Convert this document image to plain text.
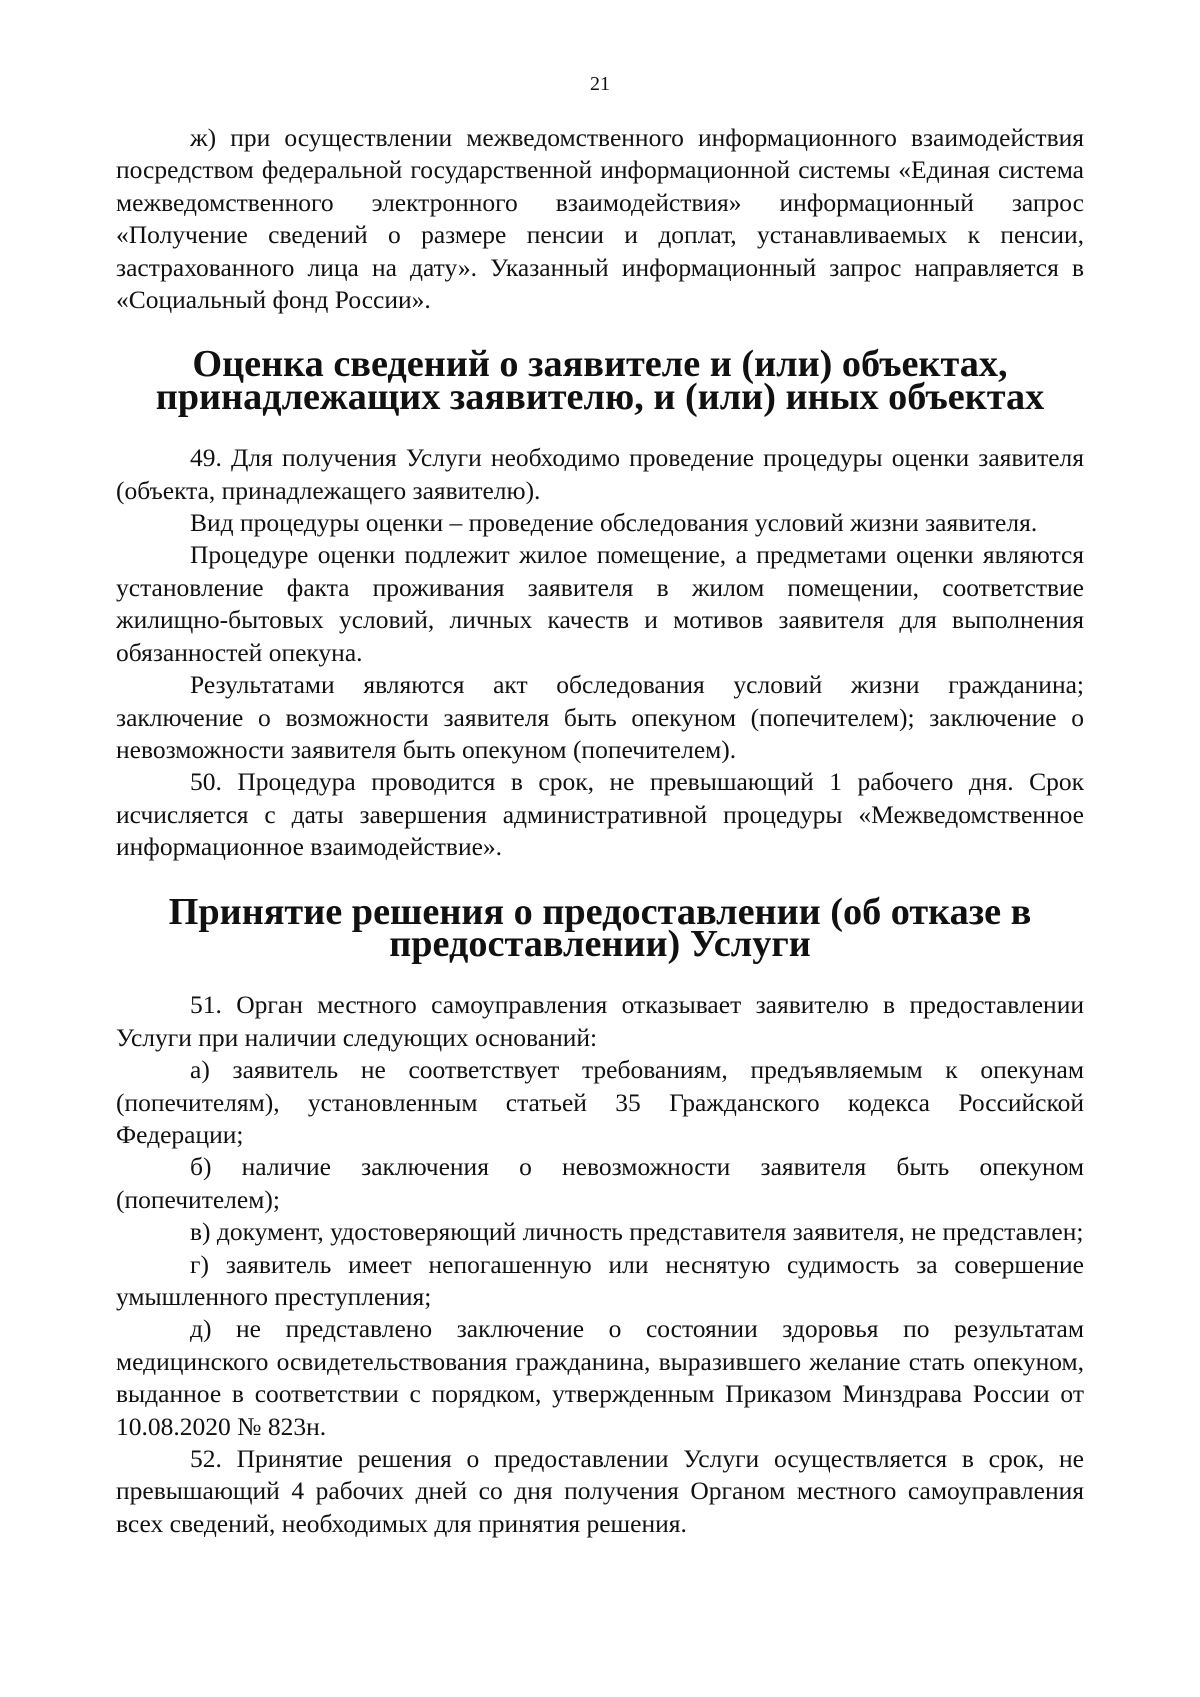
21

ж) при осуществлении межведомственного информационного взаимодействия посредством федеральной государственной информационной системы «Единая система межведомственного электронного взаимодействия» информационный запрос «Получение сведений о размере пенсии и доплат, устанавливаемых к пенсии, застрахованного лица на дату». Указанный информационный запрос направляется в «Социальный фонд России».

Оценка сведений о заявителе и (или) объектах, принадлежащих заявителю, и (или) иных объектах

49. Для получения Услуги необходимо проведение процедуры оценки заявителя (объекта, принадлежащего заявителю).

Вид процедуры оценки – проведение обследования условий жизни заявителя.

Процедуре оценки подлежит жилое помещение, а предметами оценки являются установление факта проживания заявителя в жилом помещении, соответствие жилищно-бытовых условий, личных качеств и мотивов заявителя для выполнения обязанностей опекуна.

Результатами являются акт обследования условий жизни гражданина; заключение о возможности заявителя быть опекуном (попечителем); заключение о невозможности заявителя быть опекуном (попечителем).

50. Процедура проводится в срок, не превышающий 1 рабочего дня. Срок исчисляется с даты завершения административной процедуры «Межведомственное информационное взаимодействие».

Принятие решения о предоставлении (об отказе в предоставлении) Услуги

51. Орган местного самоуправления отказывает заявителю в предоставлении Услуги при наличии следующих оснований:

а) заявитель не соответствует требованиям, предъявляемым к опекунам (попечителям), установленным статьей 35 Гражданского кодекса Российской Федерации;

б) наличие заключения о невозможности заявителя быть опекуном (попечителем);

в) документ, удостоверяющий личность представителя заявителя, не представлен;

г) заявитель имеет непогашенную или неснятую судимость за совершение умышленного преступления;

д) не представлено заключение о состоянии здоровья по результатам медицинского освидетельствования гражданина, выразившего желание стать опекуном, выданное в соответствии с порядком, утвержденным Приказом Минздрава России от 10.08.2020 № 823н.

52. Принятие решения о предоставлении Услуги осуществляется в срок, не превышающий 4 рабочих дней со дня получения Органом местного самоуправления всех сведений, необходимых для принятия решения.
